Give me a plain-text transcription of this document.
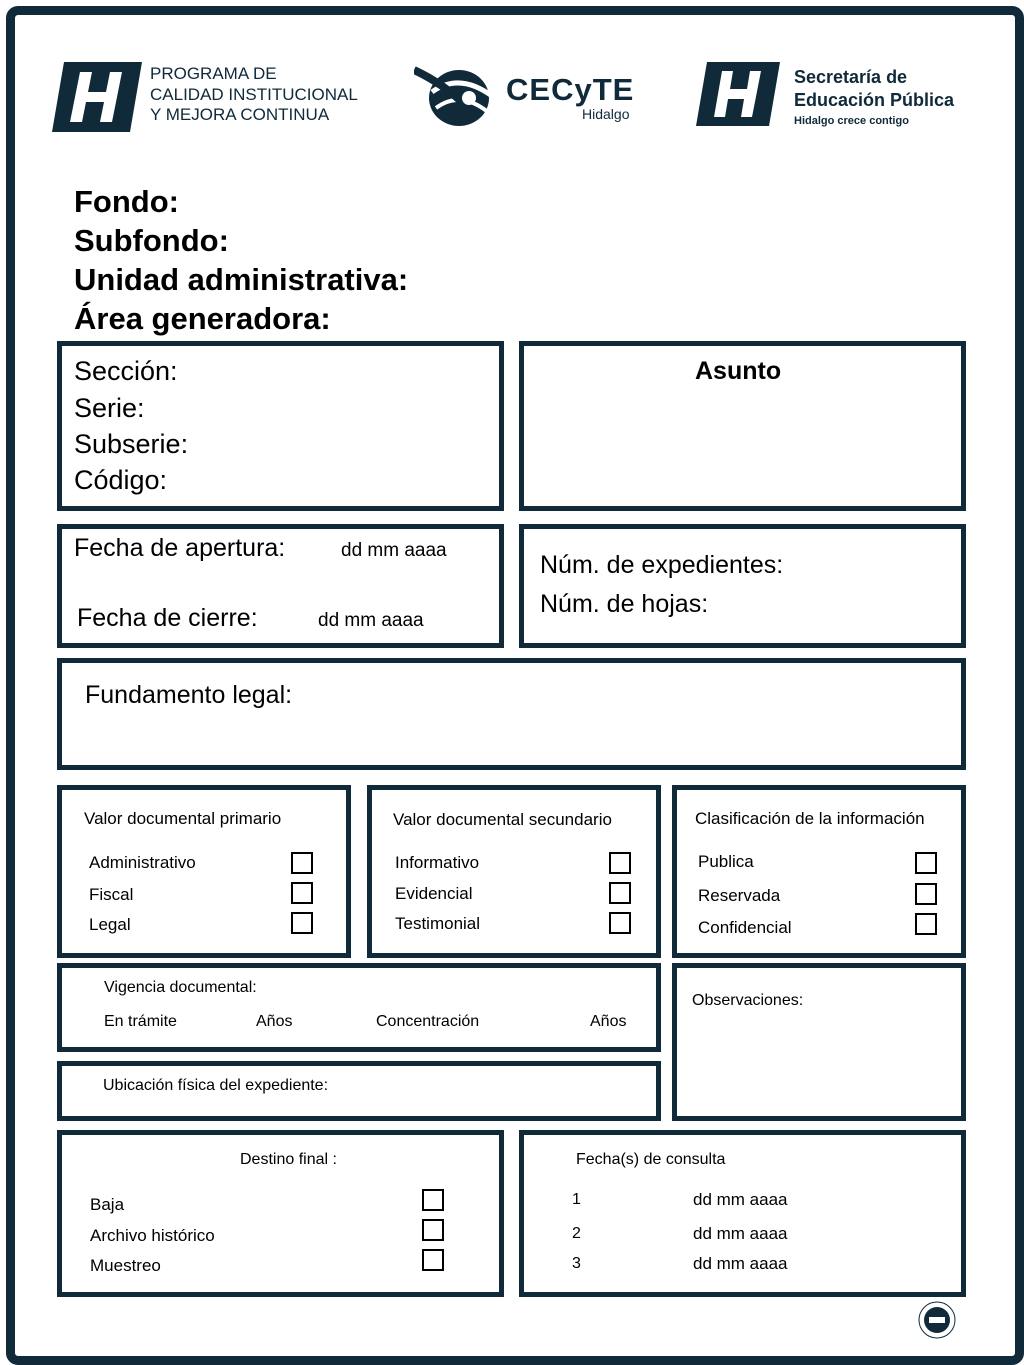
PROGRAMA DE
CALIDAD INSTITUCIONAL
Y MEJORA CONTINUA
CECyTE
Hidalgo
Secretaría de
Educación Pública
Hidalgo crece contigo
Fondo:
Subfondo:
Unidad administrativa:
Área generadora:
Sección:
Serie:
Subserie:
Código:
Asunto
Fecha de apertura:	dd mm aaaa
Fecha de cierre:	dd mm aaaa
Núm. de expedientes:
Núm. de hojas:
Fundamento legal:
Valor documental primario
Administrativo
Fiscal
Legal
Valor documental secundario
Informativo
Evidencial
Testimonial
Clasificación de la información
Publica
Reservada
Confidencial
Vigencia documental:
En trámite	Años	Concentración	Años
Observaciones:
Ubicación física del expediente:
Destino final :
Baja
Archivo histórico
Muestreo
Fecha(s) de consulta
1	dd mm aaaa
2	dd mm aaaa
3	dd mm aaaa
